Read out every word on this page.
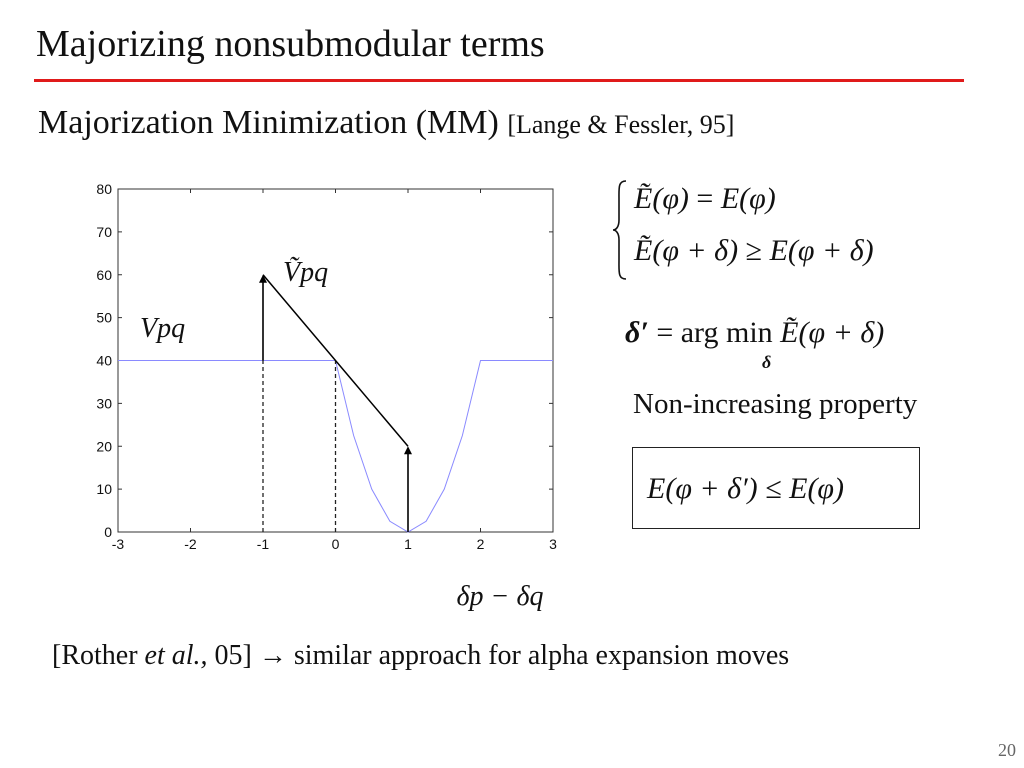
Majorizing nonsubmodular terms
Majorization Minimization (MM) [Lange & Fessler, 95]
-3	-2	-1	0	1	2	3
0
10
20
30
40
50
60
70
80
Vpq
Ṽpq
δp − δq
Ẽ(φ) = E(φ)
Ẽ(φ + δ) ≥ E(φ + δ)
δ′ = arg min Ẽ(φ + δ)
δ
Non-increasing property
E(φ + δ′) ≤ E(φ)
[Rother et al., 05] → similar approach for alpha expansion moves
20
